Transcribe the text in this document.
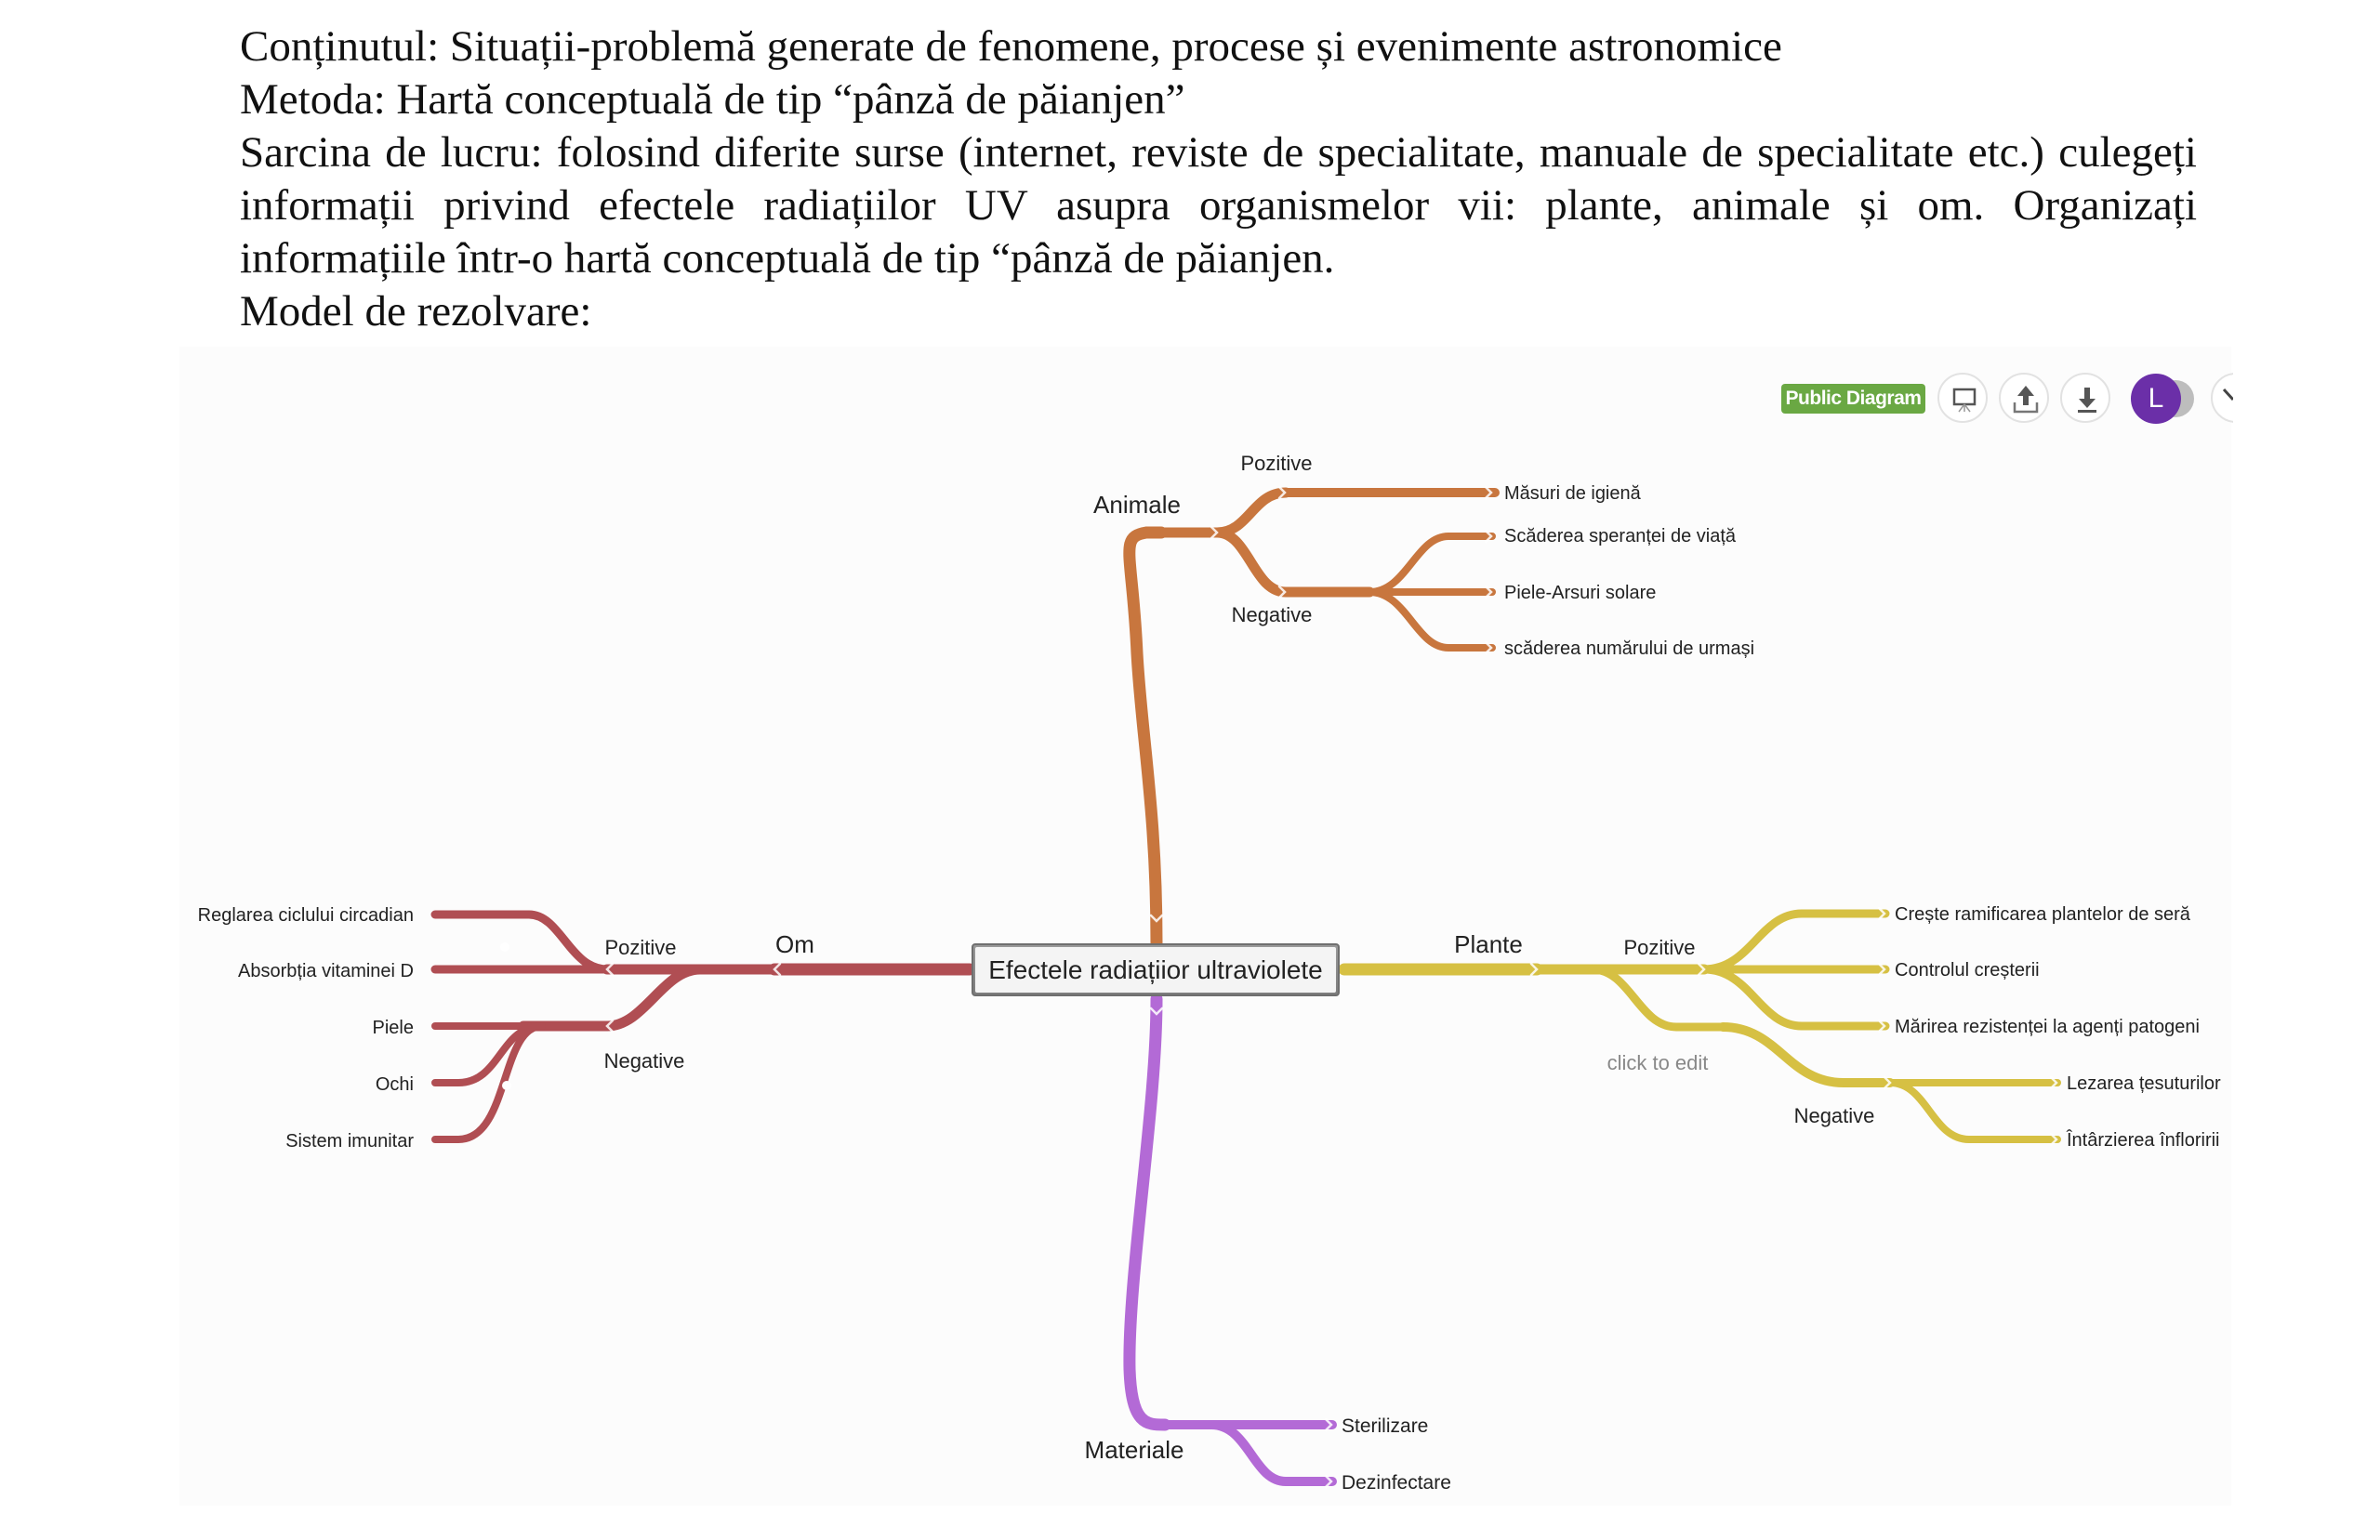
Conținutul: Situații-problemă generate de fenomene, procese și evenimente astronomice

Metoda: Hartă conceptuală de tip “pânză de păianjen”

Sarcina de lucru: folosind diferite surse (internet, reviste de specialitate, manuale de specialitate etc.) culegeți informații privind efectele radiațiilor UV asupra organismelor vii: plante, animale și om. Organizați informațiile într-o hartă conceptuală de tip “pânză de păianjen.

Model de rezolvare:

Efectele radiațiior ultraviolete
Animale
Pozitive
Negative
Măsuri de igienă
Scăderea speranței de viață
Piele-Arsuri solare
scăderea numărului de urmași
Om
Pozitive
Negative
Reglarea ciclului circadian
Absorbția vitaminei D
Piele
Ochi
Sistem imunitar
Plante	Pozitive
click to edit
Negative
Crește ramificarea plantelor de seră
Controlul creșterii
Mărirea rezistenței la agenți patogeni
Lezarea țesuturilor
Întârzierea înfloririi
Materiale
Sterilizare
Dezinfectare
Public Diagram	L
